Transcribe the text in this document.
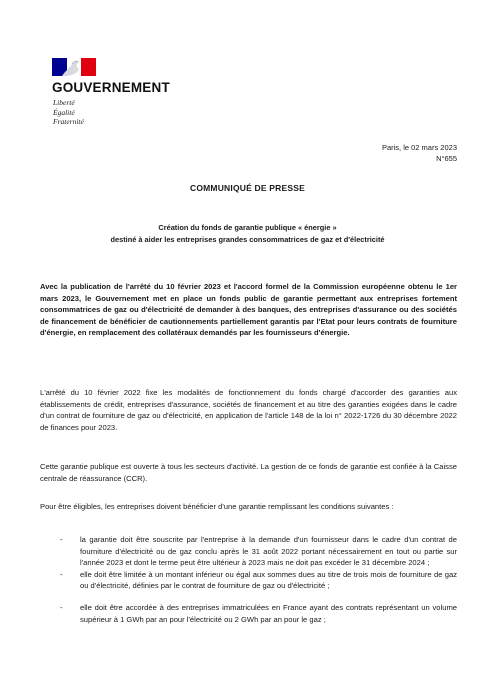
GOUVERNEMENT
Liberté
Égalité
Fraternité
Paris, le 02 mars 2023
N°655
COMMUNIQUÉ DE PRESSE
Création du fonds de garantie publique « énergie »
destiné à aider les entreprises grandes consommatrices de gaz et d'électricité

Avec la publication de l'arrêté du 10 février 2023 et l'accord formel de la Commission européenne obtenu le 1er mars 2023, le Gouvernement met en place un fonds public de garantie permettant aux entreprises fortement consommatrices de gaz ou d'électricité de demander à des banques, des entreprises d'assurance ou des sociétés de financement de bénéficier de cautionnements partiellement garantis par l'Etat pour leurs contrats de fourniture d'énergie, en remplacement des collatéraux demandés par les fournisseurs d'énergie.

L'arrêté du 10 février 2022 fixe les modalités de fonctionnement du fonds chargé d'accorder des garanties aux établissements de crédit, entreprises d'assurance, sociétés de financement et au titre des garanties exigées dans le cadre d'un contrat de fourniture de gaz ou d'électricité, en application de l'article 148 de la loi n° 2022-1726 du 30 décembre 2022 de finances pour 2023.

Cette garantie publique est ouverte à tous les secteurs d'activité. La gestion de ce fonds de garantie est confiée à la Caisse centrale de réassurance (CCR).

Pour être éligibles, les entreprises doivent bénéficier d'une garantie remplissant les conditions suivantes :

- la garantie doit être souscrite par l'entreprise à la demande d'un fournisseur dans le cadre d'un contrat de fourniture d'électricité ou de gaz conclu après le 31 août 2022 portant nécessairement en tout ou partie sur l'année 2023 et dont le terme peut être ultérieur à 2023 mais ne doit pas excéder le 31 décembre 2024 ;
- elle doit être limitée à un montant inférieur ou égal aux sommes dues au titre de trois mois de fourniture de gaz ou d'électricité, définies par le contrat de fourniture de gaz ou d'électricité ;
- elle doit être accordée à des entreprises immatriculées en France ayant des contrats représentant un volume supérieur à 1 GWh par an pour l'électricité ou 2 GWh par an pour le gaz ;
